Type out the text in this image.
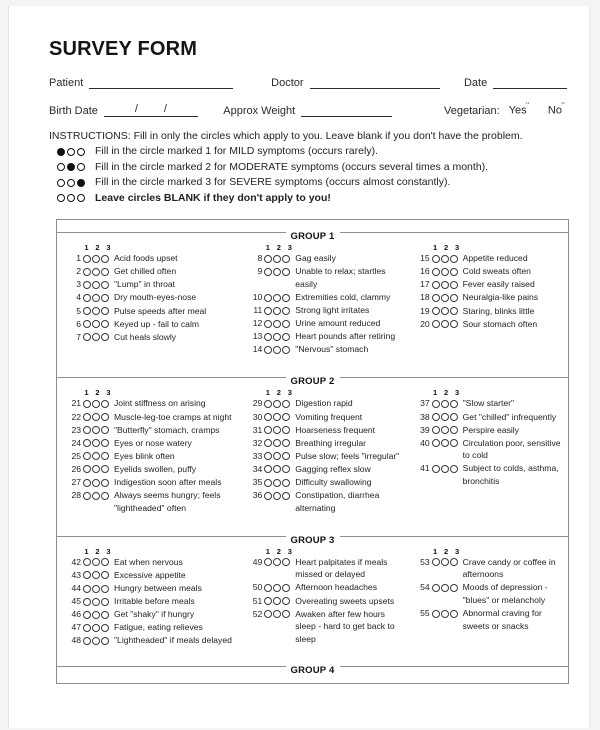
SURVEY FORM
Patient	Doctor	Date
Birth Date	/ /	Approx Weight	Vegetarian: Yes	No
INSTRUCTIONS: Fill in only the circles which apply to you. Leave blank if you don't have the problem.
Fill in the circle marked 1 for MILD symptoms (occurs rarely).
Fill in the circle marked 2 for MODERATE symptoms (occurs several times a month).
Fill in the circle marked 3 for SEVERE symptoms (occurs almost constantly).
Leave circles BLANK if they don't apply to you!
GROUP 1
1 2 3
1	Acid foods upset
2	Get chilled often
3	"Lump" in throat
4	Dry mouth-eyes-nose
5	Pulse speeds after meal
6	Keyed up - fail to calm
7	Cut heals slowly
1 2 3
8	Gag easily
9	Unable to relax; startles easily
10	Extremities cold, clammy
11	Strong light irritates
12	Urine amount reduced
13	Heart pounds after retiring
14	"Nervous" stomach
1 2 3
15	Appetite reduced
16	Cold sweats often
17	Fever easily raised
18	Neuralgia-like pains
19	Staring, blinks little
20	Sour stomach often
GROUP 2
1 2 3
21	Joint stiffness on arising
22	Muscle-leg-toe cramps at night
23	"Butterfly" stomach, cramps
24	Eyes or nose watery
25	Eyes blink often
26	Eyelids swollen, puffy
27	Indigestion soon after meals
28	Always seems hungry; feels "lightheaded" often
1 2 3
29	Digestion rapid
30	Vomiting frequent
31	Hoarseness frequent
32	Breathing irregular
33	Pulse slow; feels "irregular"
34	Gagging reflex slow
35	Difficulty swallowing
36	Constipation, diarrhea alternating
1 2 3
37	"Slow starter"
38	Get "chilled" infrequently
39	Perspire easily
40	Circulation poor, sensitive to cold
41	Subject to colds, asthma, bronchitis
GROUP 3
1 2 3
42	Eat when nervous
43	Excessive appetite
44	Hungry between meals
45	Irritable before meals
46	Get "shaky" if hungry
47	Fatigue, eating relieves
48	"Lightheaded" if meals delayed
1 2 3
49	Heart palpitates if meals missed or delayed
50	Afternoon headaches
51	Overeating sweets upsets
52	Awaken after few hours sleep - hard to get back to sleep
1 2 3
53	Crave candy or coffee in afternoons
54	Moods of depression - "blues" or melancholy
55	Abnormal craving for sweets or snacks
GROUP 4
